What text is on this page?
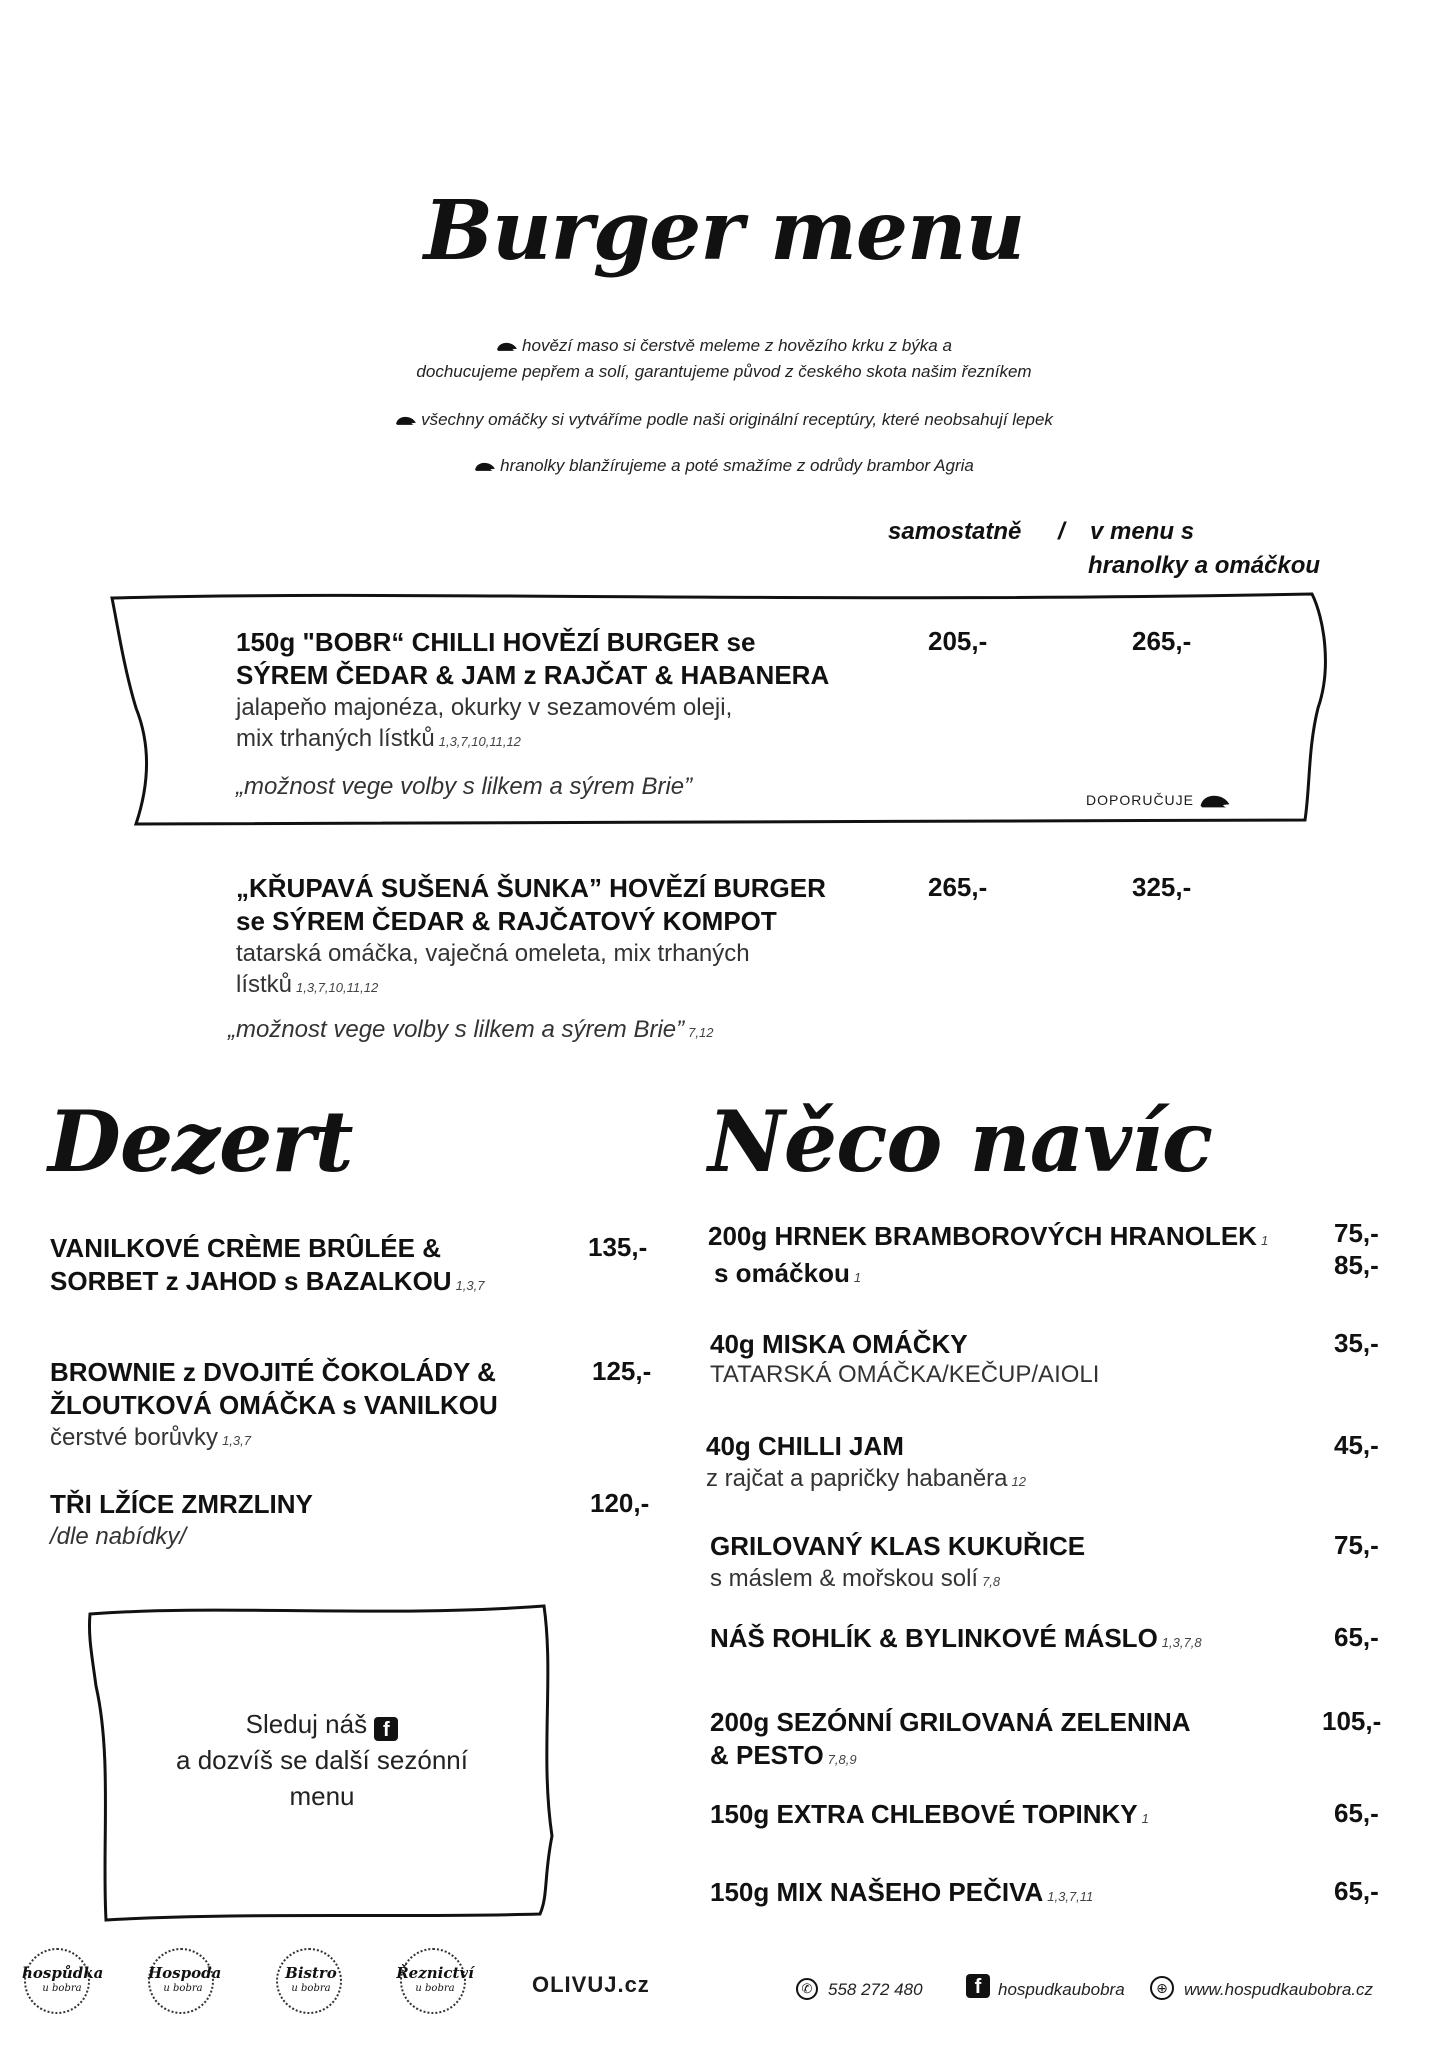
Burger menu
hovězí maso si čerstvě meleme z hovězího krku z býka a
dochucujeme pepřem a solí, garantujeme původ z českého skota našim řezníkem
všechny omáčky si vytváříme podle naši originální receptúry, které neobsahují lepek
hranolky blanžírujeme a poté smažíme z odrůdy brambor Agria
samostatně / v menu s
hranolky a omáčkou
150g "BOBR“ CHILLI HOVĚZÍ BURGER se
SÝREM ČEDAR & JAM z RAJČAT & HABANERA
jalapeňo majonéza, okurky v sezamovém oleji,
mix trhaných lístků 1,3,7,10,11,12
„možnost vege volby s lilkem a sýrem Brie”
205,-	265,-
DOPORUČUJE
„KŘUPAVÁ SUŠENÁ ŠUNKA” HOVĚZÍ BURGER
se SÝREM ČEDAR & RAJČATOVÝ KOMPOT
tatarská omáčka, vaječná omeleta, mix trhaných
lístků 1,3,7,10,11,12
„možnost vege volby s lilkem a sýrem Brie” 7,12
265,-	325,-
Dezert
VANILKOVÉ CRÈME BRÛLÉE &
SORBET z JAHOD s BAZALKOU 1,3,7
135,-
BROWNIE z DVOJITÉ ČOKOLÁDY &
ŽLOUTKOVÁ OMÁČKA s VANILKOU
čerstvé borůvky 1,3,7
125,-
TŘI LŽÍCE ZMRZLINY
/dle nabídky/
120,-
Sleduj náš f
a dozvíš se další sezónní
menu
Něco navíc
200g HRNEK BRAMBOROVÝCH HRANOLEK 1
s omáčkou 1
75,-
85,-
40g MISKA OMÁČKY
TATARSKÁ OMÁČKA/KEČUP/AIOLI
35,-
40g CHILLI JAM
z rajčat a papričky habaněra 12
45,-
GRILOVANÝ KLAS KUKUŘICE
s máslem & mořskou solí 7,8
75,-
NÁŠ ROHLÍK & BYLINKOVÉ MÁSLO 1,3,7,8	65,-
200g SEZÓNNÍ GRILOVANÁ ZELENINA
& PESTO 7,8,9
105,-
150g EXTRA CHLEBOVÉ TOPINKY 1	65,-
150g MIX NAŠEHO PEČIVA 1,3,7,11	65,-
hospůdka
u bobra
Hospoda
u bobra
Bistro
u bobra
Řeznictví
u bobra	OLIVUJ.cz	✆ 558 272 480	f hospudkaubobra	⊕ www.hospudkaubobra.cz
